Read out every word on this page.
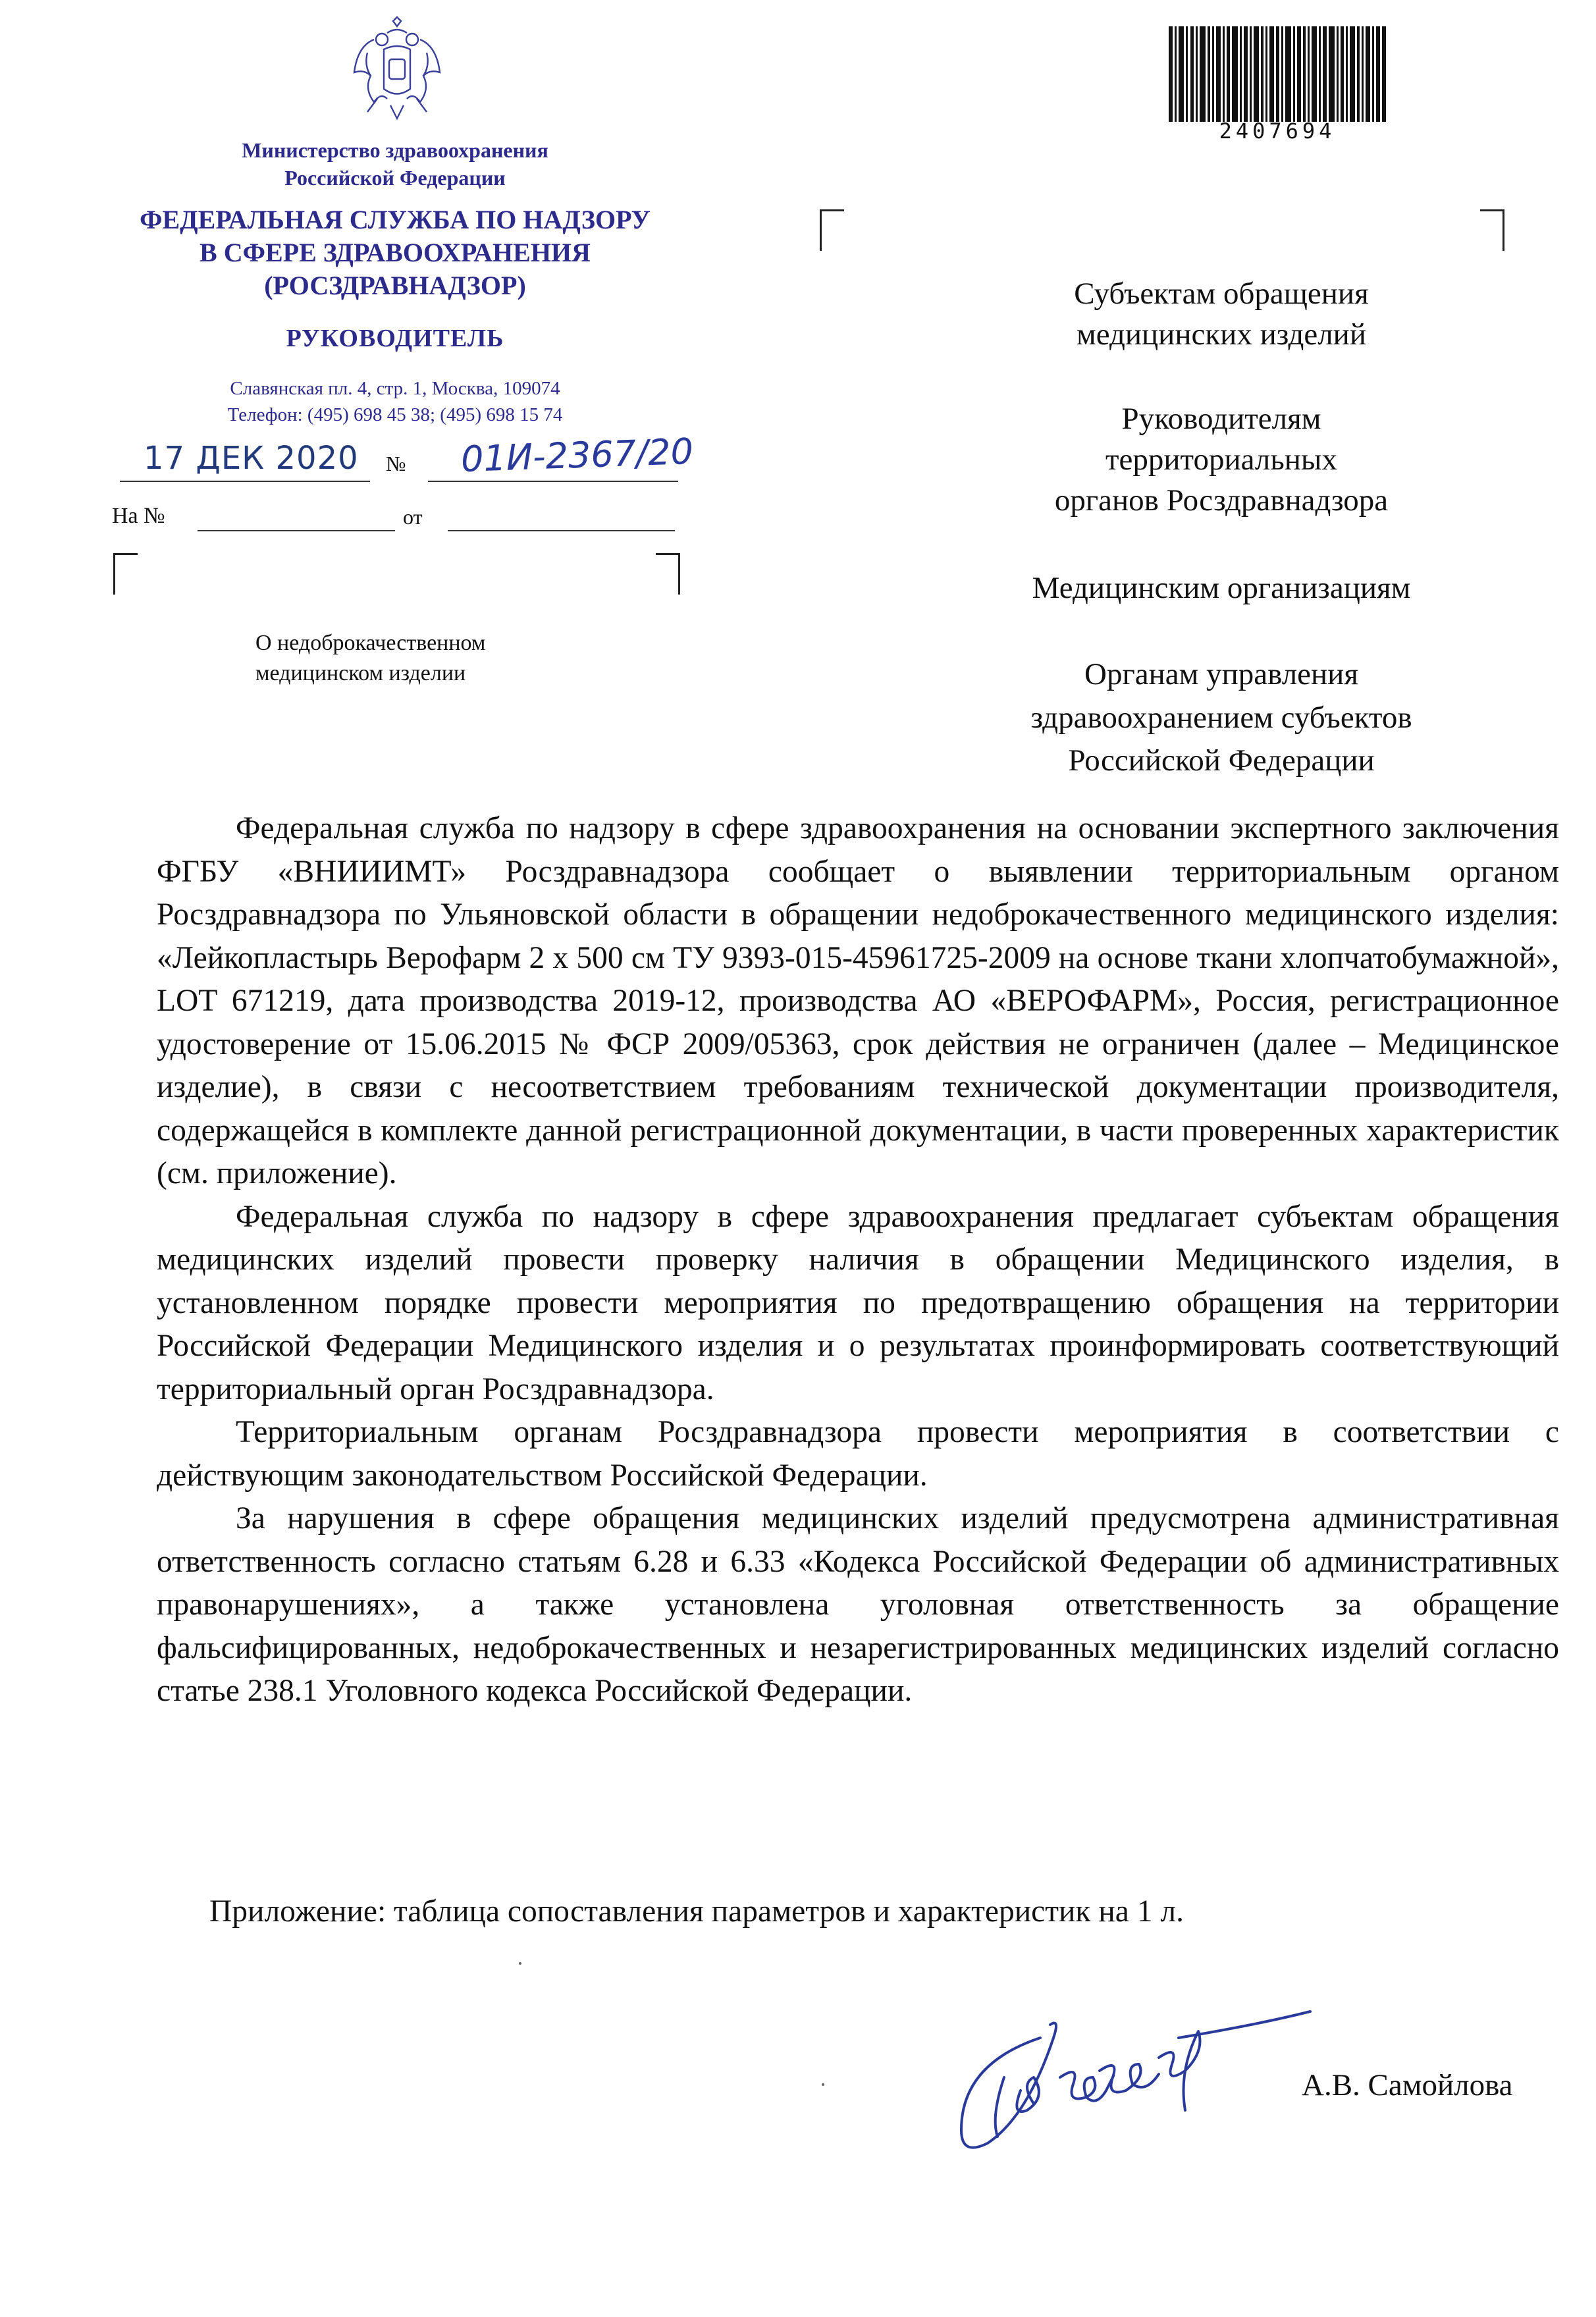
Министерство здравоохранения
Российской Федерации
ФЕДЕРАЛЬНАЯ СЛУЖБА ПО НАДЗОРУ
В СФЕРЕ ЗДРАВООХРАНЕНИЯ
(РОСЗДРАВНАДЗОР)
РУКОВОДИТЕЛЬ
Славянская пл. 4, стр. 1, Москва, 109074
Телефон: (495) 698 45 38; (495) 698 15 74
17 ДЕК 2020 № 01И-2367/20
На №	от
О недоброкачественном
медицинском изделии
2407694
Субъектам обращения
медицинских изделий
Руководителям
территориальных
органов Росздравнадзора
Медицинским организациям
Органам управления
здравоохранением субъектов
Российской Федерации

Федеральная служба по надзору в сфере здравоохранения на основании экспертного заключения ФГБУ «ВНИИИМТ» Росздравнадзора сообщает о выявлении территориальным органом Росздравнадзора по Ульяновской области в обращении недоброкачественного медицинского изделия: «Лейкопластырь Верофарм 2 х 500 см ТУ 9393-015-45961725-2009 на основе ткани хлопчатобумажной», LOT 671219, дата производства 2019-12, производства АО «ВЕРОФАРМ», Россия, регистрационное удостоверение от 15.06.2015 № ФСР 2009/05363, срок действия не ограничен (далее – Медицинское изделие), в связи с несоответствием требованиям технической документации производителя, содержащейся в комплекте данной регистрационной документации, в части проверенных характеристик (см. приложение).

Федеральная служба по надзору в сфере здравоохранения предлагает субъектам обращения медицинских изделий провести проверку наличия в обращении Медицинского изделия, в установленном порядке провести мероприятия по предотвращению обращения на территории Российской Федерации Медицинского изделия и о результатах проинформировать соответствующий территориальный орган Росздравнадзора.

Территориальным органам Росздравнадзора провести мероприятия в соответствии с действующим законодательством Российской Федерации.

За нарушения в сфере обращения медицинских изделий предусмотрена административная ответственность согласно статьям 6.28 и 6.33 «Кодекса Российской Федерации об административных правонарушениях», а также установлена уголовная ответственность за обращение фальсифицированных, недоброкачественных и незарегистрированных медицинских изделий согласно статье 238.1 Уголовного кодекса Российской Федерации.

Приложение: таблица сопоставления параметров и характеристик на 1 л.
А.В. Самойлова
